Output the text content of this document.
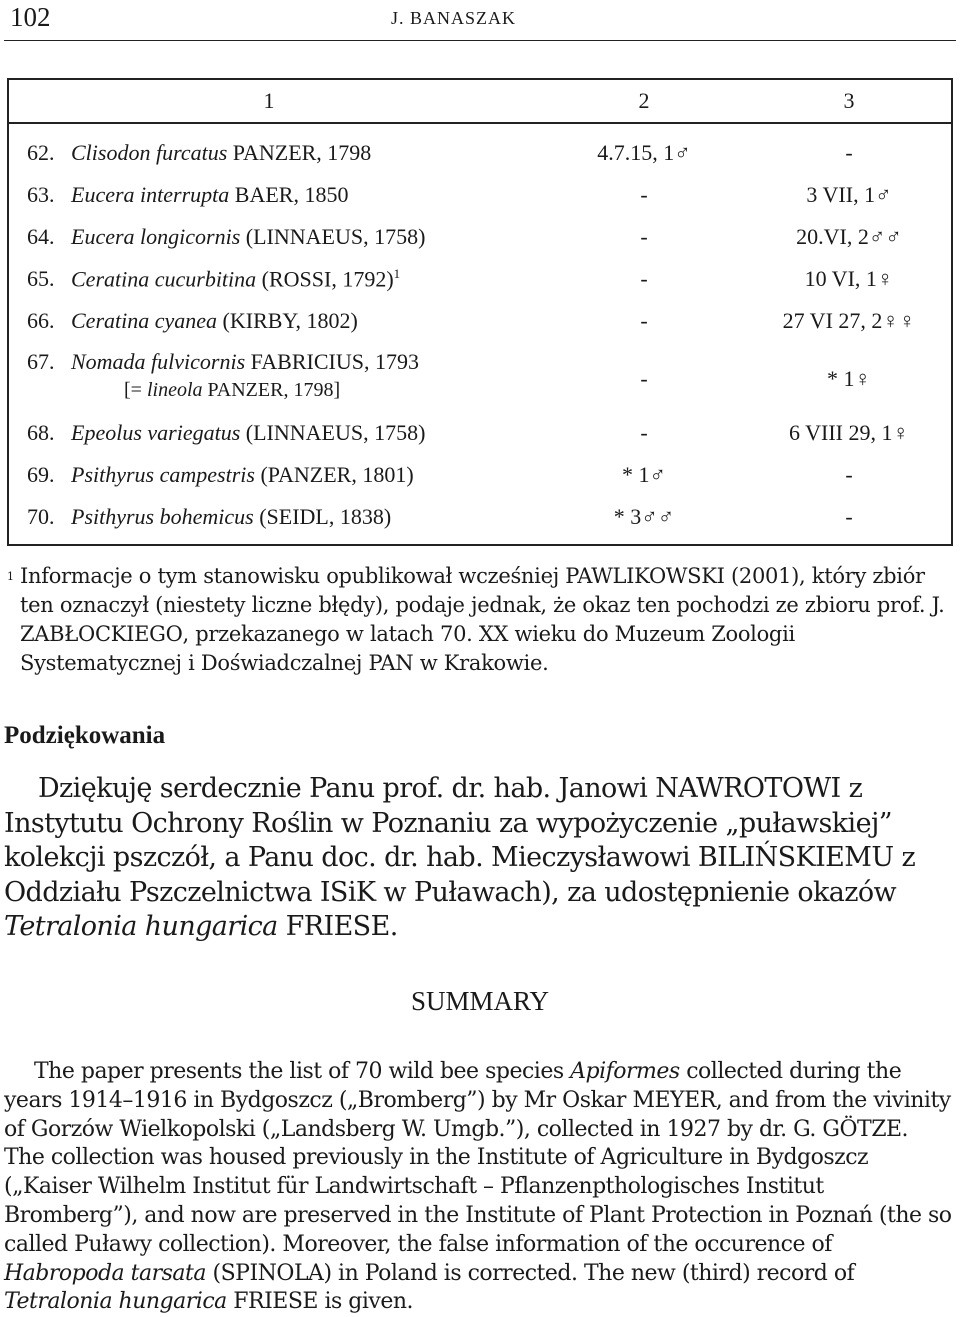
102	J. BANASZAK
1	2	3
62. Clisodon furcatus PANZER, 1798	4.7.15, 1♂	-
63. Eucera interrupta BAER, 1850	-	3 VII, 1♂
64. Eucera longicornis (LINNAEUS, 1758)	-	20.VI, 2♂♂
65. Ceratina cucurbitina (ROSSI, 1792)$^1$	-	10 VI, 1♀
66. Ceratina cyanea (KIRBY, 1802)	-	27 VI 27, 2♀♀
67. Nomada fulvicornis FABRICIUS, 1793
[= lineola PANZER, 1798]	-	* 1♀
68. Epeolus variegatus (LINNAEUS, 1758)	-	6 VIII 29, 1♀
69. Psithyrus campestris (PANZER, 1801)	* 1♂	-
70. Psithyrus bohemicus (SEIDL, 1838)	* 3♂♂	-
1 Informacje o tym stanowisku opublikował wcześniej PAWLIKOWSKI (2001), który zbiór ten oznaczył (niestety liczne błędy), podaje jednak, że okaz ten pochodzi ze zbioru prof. J. ZABŁOCKIEGO, przekazanego w latach 70. XX wieku do Muzeum Zoologii Systematycznej i Doświadczalnej PAN w Krakowie.

Podziękowania

Dziękuję serdecznie Panu prof. dr. hab. Janowi NAWROTOWI z Instytutu Ochrony Roślin w Poznaniu za wypożyczenie „puławskiej” kolekcji pszczół, a Panu doc. dr. hab. Mieczysławowi BILIŃSKIEMU z Oddziału Pszczelnictwa ISiK w Puławach), za udostępnienie okazów Tetralonia hungarica FRIESE.

SUMMARY

The paper presents the list of 70 wild bee species Apiformes collected during the years 1914–1916 in Bydgoszcz („Bromberg”) by Mr Oskar MEYER, and from the vivinity of Gorzów Wielkopolski („Landsberg W. Umgb.”), collected in 1927 by dr. G. GÖTZE. The collection was housed previously in the Institute of Agriculture in Bydgoszcz („Kaiser Wilhelm Institut für Landwirtschaft – Pflanzenpthologisches Institut Bromberg”), and now are preserved in the Institute of Plant Protection in Poznań (the so called Puławy collection). Moreover, the false information of the occurence of Habropoda tarsata (SPINOLA) in Poland is corrected. The new (third) record of Tetralonia hungarica FRIESE is given.
